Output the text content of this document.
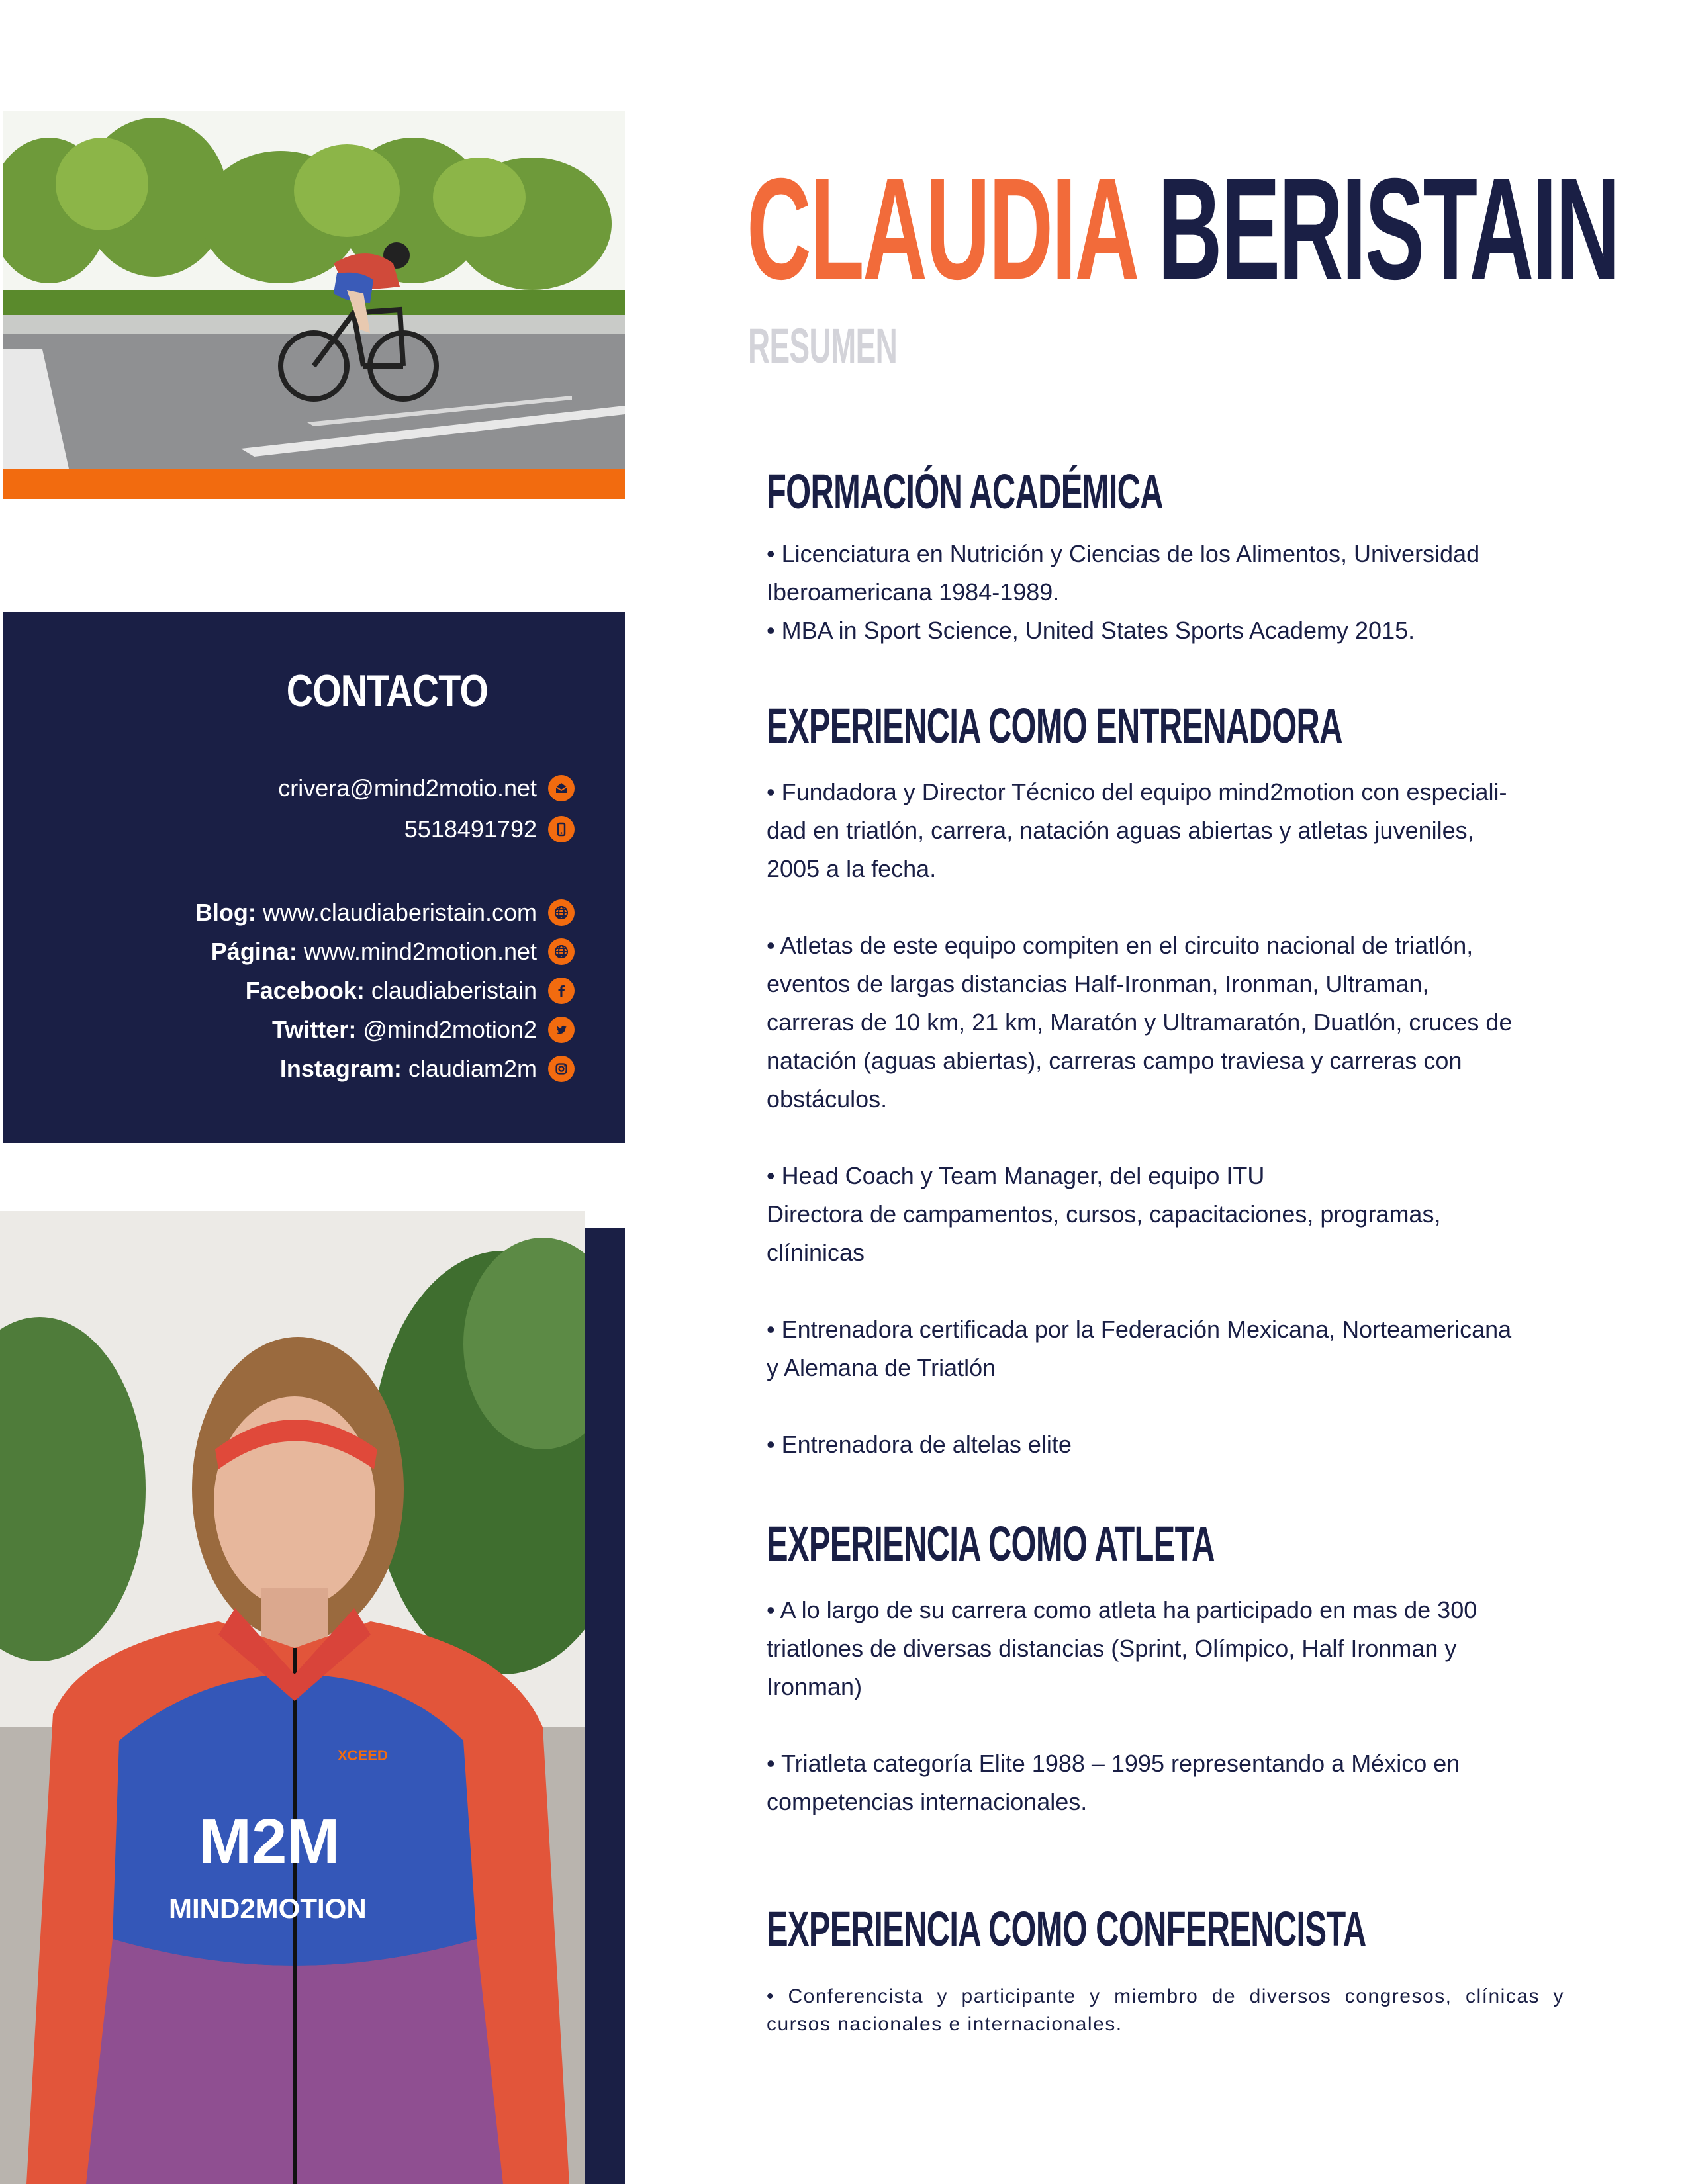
CONTACTO
crivera@mind2motio.net
5518491792
Blog: www.claudiaberistain.com
Página: www.mind2motion.net
Facebook: claudiaberistain
Twitter: @mind2motion2
Instagram: claudiam2m
M2M
MIND2MOTION
XCEED
CLAUDIA BERISTAIN
RESUMEN
FORMACIÓN ACADÉMICA

• Licenciatura en Nutrición y Ciencias de los Alimentos, Universidad

Iberoamericana 1984-1989.

• MBA in Sport Science, United States Sports Academy 2015.

EXPERIENCIA COMO ENTRENADORA

• Fundadora y Director Técnico del equipo mind2motion con especiali-

dad en triatlón, carrera, natación aguas abiertas y atletas juveniles,

2005 a la fecha.

• Atletas de este equipo compiten en el circuito nacional de triatlón,

eventos de largas distancias Half-Ironman, Ironman, Ultraman,

carreras de 10 km, 21 km, Maratón y Ultramaratón, Duatlón, cruces de

natación (aguas abiertas), carreras campo traviesa y carreras con

obstáculos.

• Head Coach y Team Manager, del equipo ITU

Directora de campamentos, cursos, capacitaciones, programas,

clíninicas

• Entrenadora certificada por la Federación Mexicana, Norteamericana

y Alemana de Triatlón

• Entrenadora de altelas elite

EXPERIENCIA COMO ATLETA

• A lo largo de su carrera como atleta ha participado en mas de 300

triatlones de diversas distancias (Sprint, Olímpico, Half Ironman y

Ironman)

• Triatleta categoría Elite 1988 – 1995 representando a México en

competencias internacionales.

EXPERIENCIA COMO CONFERENCISTA
• Conferencista y participante y miembro de diversos congresos, clínicas y cursos nacionales e internacionales.
